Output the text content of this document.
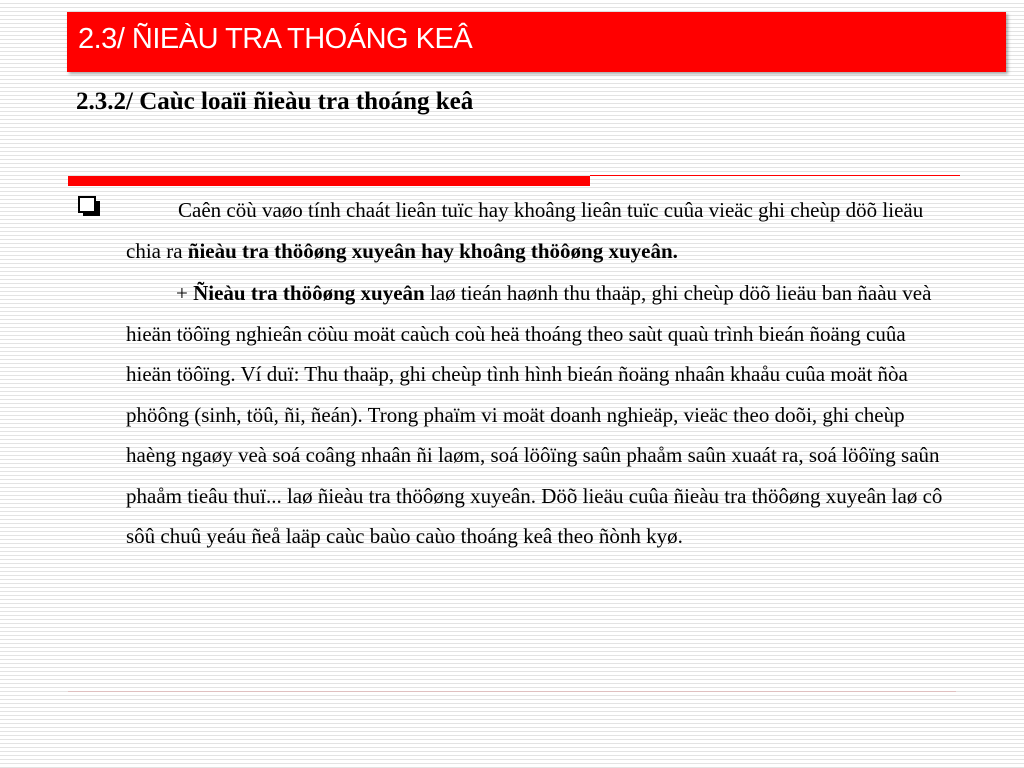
2.3/ ÑIEÀU TRA THOÁNG KEÂ
2.3.2/ Caùc loaïi ñieàu tra thoáng keâ

Caên cöù vaøo tính chaát lieân tuïc hay khoâng lieân tuïc cuûa vieäc ghi cheùp döõ lieäu chia ra ñieàu tra thöôøng xuyeân hay khoâng thöôøng xuyeân.

+ Ñieàu tra thöôøng xuyeân laø tieán haønh thu thaäp, ghi cheùp döõ lieäu ban ñaàu veà hieän töôïng nghieân cöùu moät caùch coù heä thoáng theo saùt quaù trình bieán ñoäng cuûa hieän töôïng. Ví duï: Thu thaäp, ghi cheùp tình hình bieán ñoäng nhaân khaåu cuûa moät ñòa phöông (sinh, töû, ñi, ñeán). Trong phaïm vi moät doanh nghieäp, vieäc theo doõi, ghi cheùp haèng ngaøy veà soá coâng nhaân ñi laøm, soá löôïng saûn phaåm saûn xuaát ra, soá löôïng saûn phaåm tieâu thuï... laø ñieàu tra thöôøng xuyeân. Döõ lieäu cuûa ñieàu tra thöôøng xuyeân laø cô sôû chuû yeáu ñeå laäp caùc baùo caùo thoáng keâ theo ñònh kyø.
